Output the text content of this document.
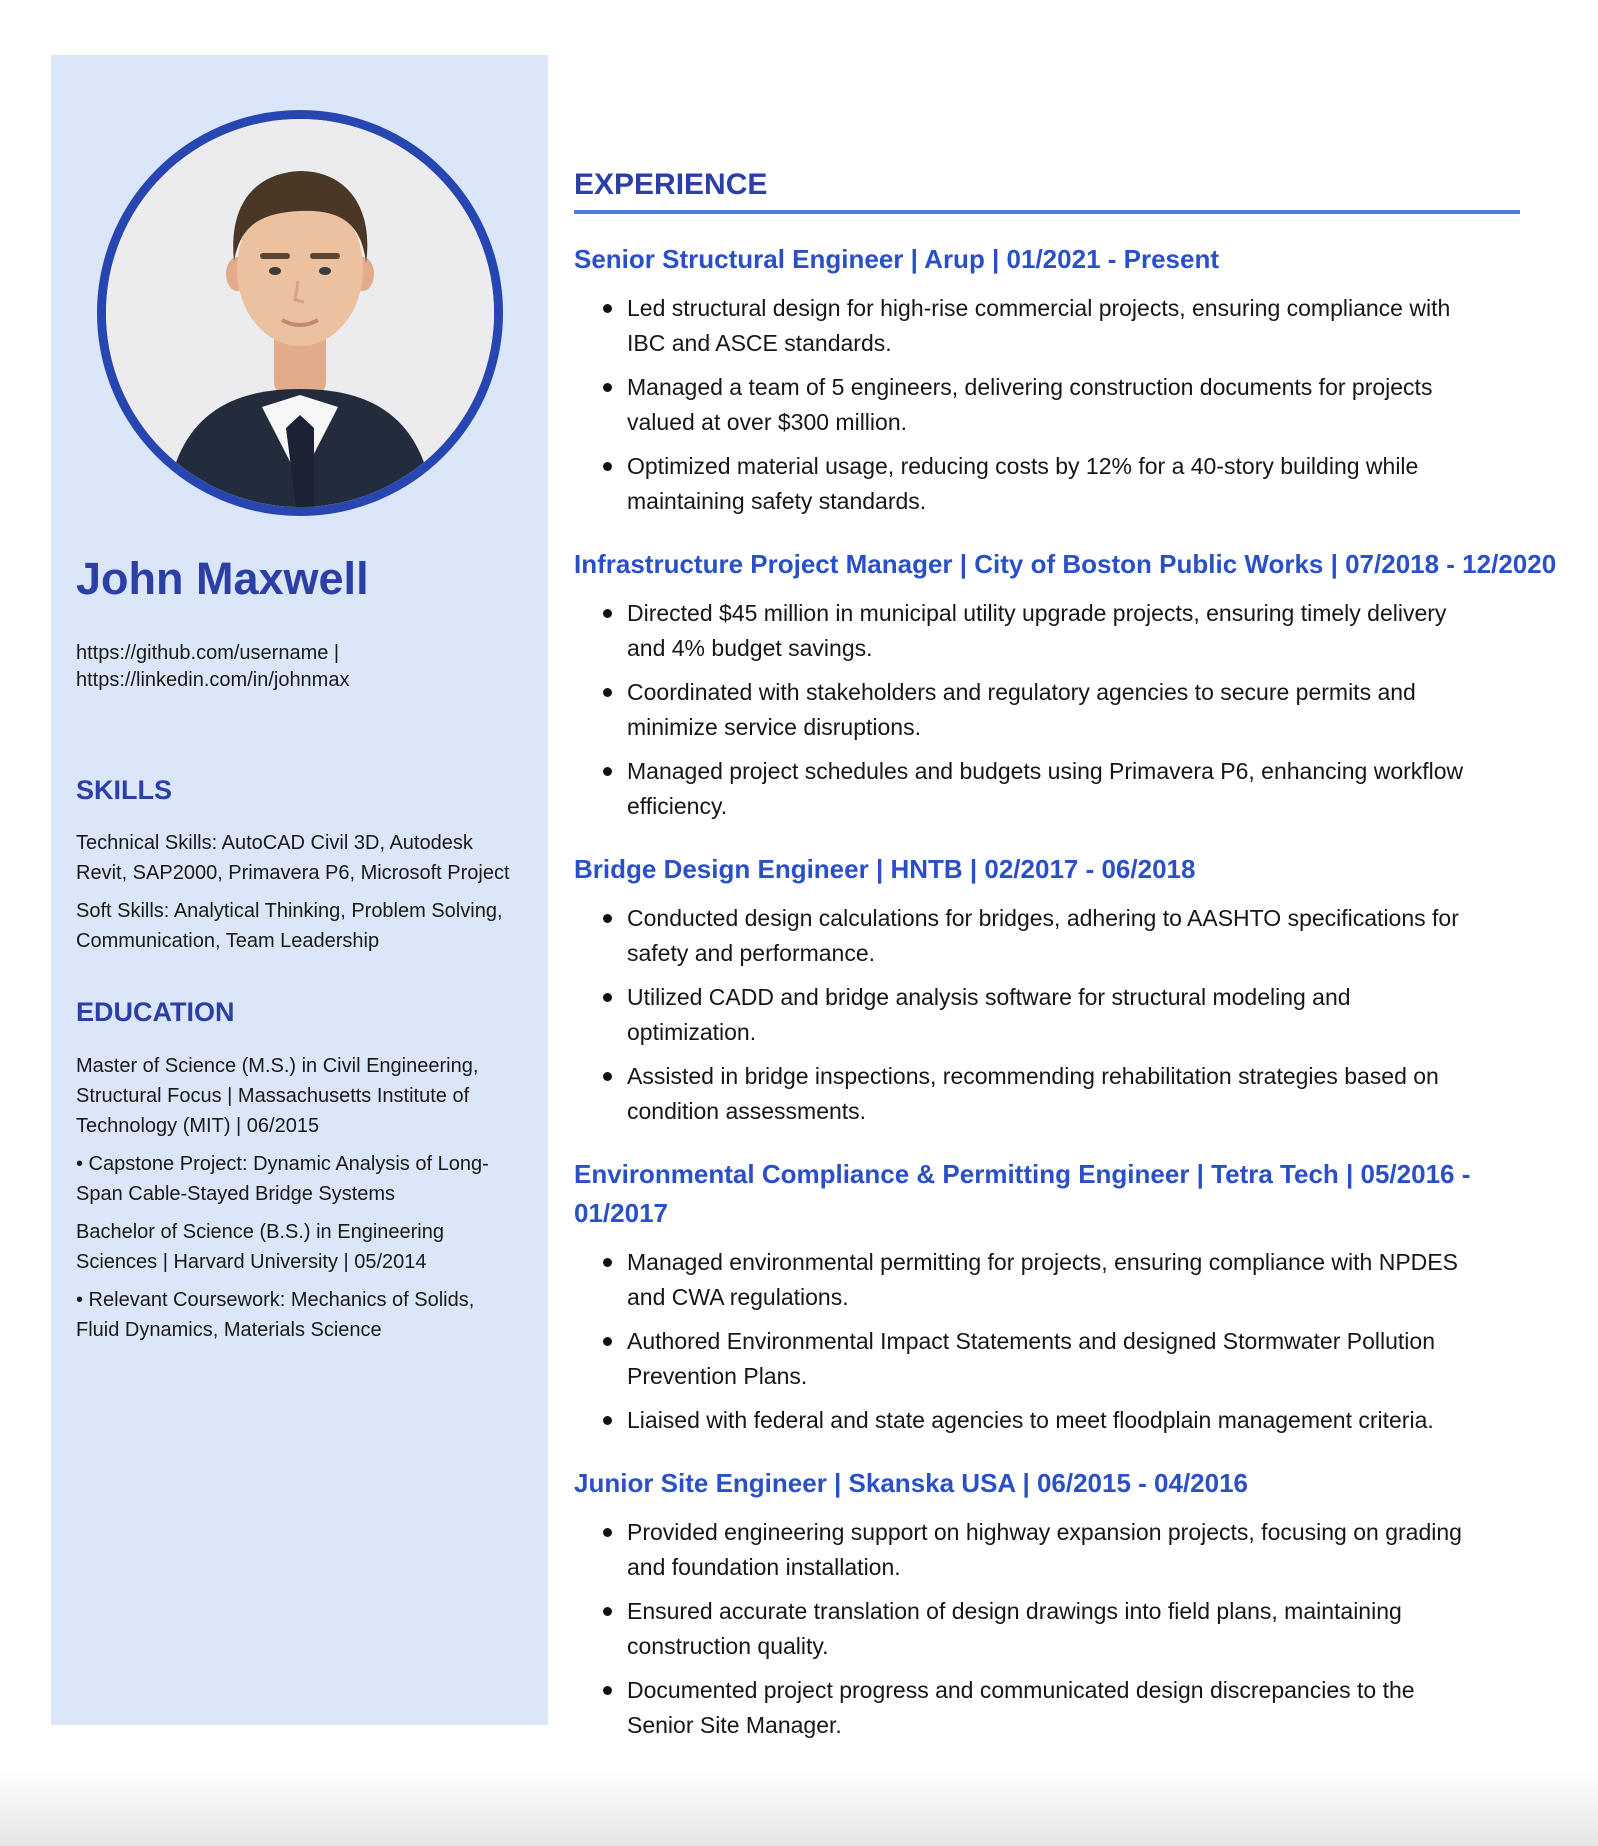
John Maxwell

https://github.com/username | https://linkedin.com/in/johnmax

SKILLS

Technical Skills: AutoCAD Civil 3D, Autodesk Revit, SAP2000, Primavera P6, Microsoft Project

Soft Skills: Analytical Thinking, Problem Solving, Communication, Team Leadership

EDUCATION

Master of Science (M.S.) in Civil Engineering, Structural Focus | Massachusetts Institute of Technology (MIT) | 06/2015

• Capstone Project: Dynamic Analysis of Long-Span Cable-Stayed Bridge Systems

Bachelor of Science (B.S.) in Engineering Sciences | Harvard University | 05/2014

• Relevant Coursework: Mechanics of Solids, Fluid Dynamics, Materials Science

EXPERIENCE
Senior Structural Engineer | Arup | 01/2021 - Present
Led structural design for high-rise commercial projects, ensuring compliance with IBC and ASCE standards.
Managed a team of 5 engineers, delivering construction documents for projects valued at over $300 million.
Optimized material usage, reducing costs by 12% for a 40-story building while maintaining safety standards.
Infrastructure Project Manager | City of Boston Public Works | 07/2018 - 12/2020
Directed $45 million in municipal utility upgrade projects, ensuring timely delivery and 4% budget savings.
Coordinated with stakeholders and regulatory agencies to secure permits and minimize service disruptions.
Managed project schedules and budgets using Primavera P6, enhancing workflow efficiency.
Bridge Design Engineer | HNTB | 02/2017 - 06/2018
Conducted design calculations for bridges, adhering to AASHTO specifications for safety and performance.
Utilized CADD and bridge analysis software for structural modeling and optimization.
Assisted in bridge inspections, recommending rehabilitation strategies based on condition assessments.
Environmental Compliance & Permitting Engineer | Tetra Tech | 05/2016 - 01/2017
Managed environmental permitting for projects, ensuring compliance with NPDES and CWA regulations.
Authored Environmental Impact Statements and designed Stormwater Pollution Prevention Plans.
Liaised with federal and state agencies to meet floodplain management criteria.
Junior Site Engineer | Skanska USA | 06/2015 - 04/2016
Provided engineering support on highway expansion projects, focusing on grading and foundation installation.
Ensured accurate translation of design drawings into field plans, maintaining construction quality.
Documented project progress and communicated design discrepancies to the Senior Site Manager.
